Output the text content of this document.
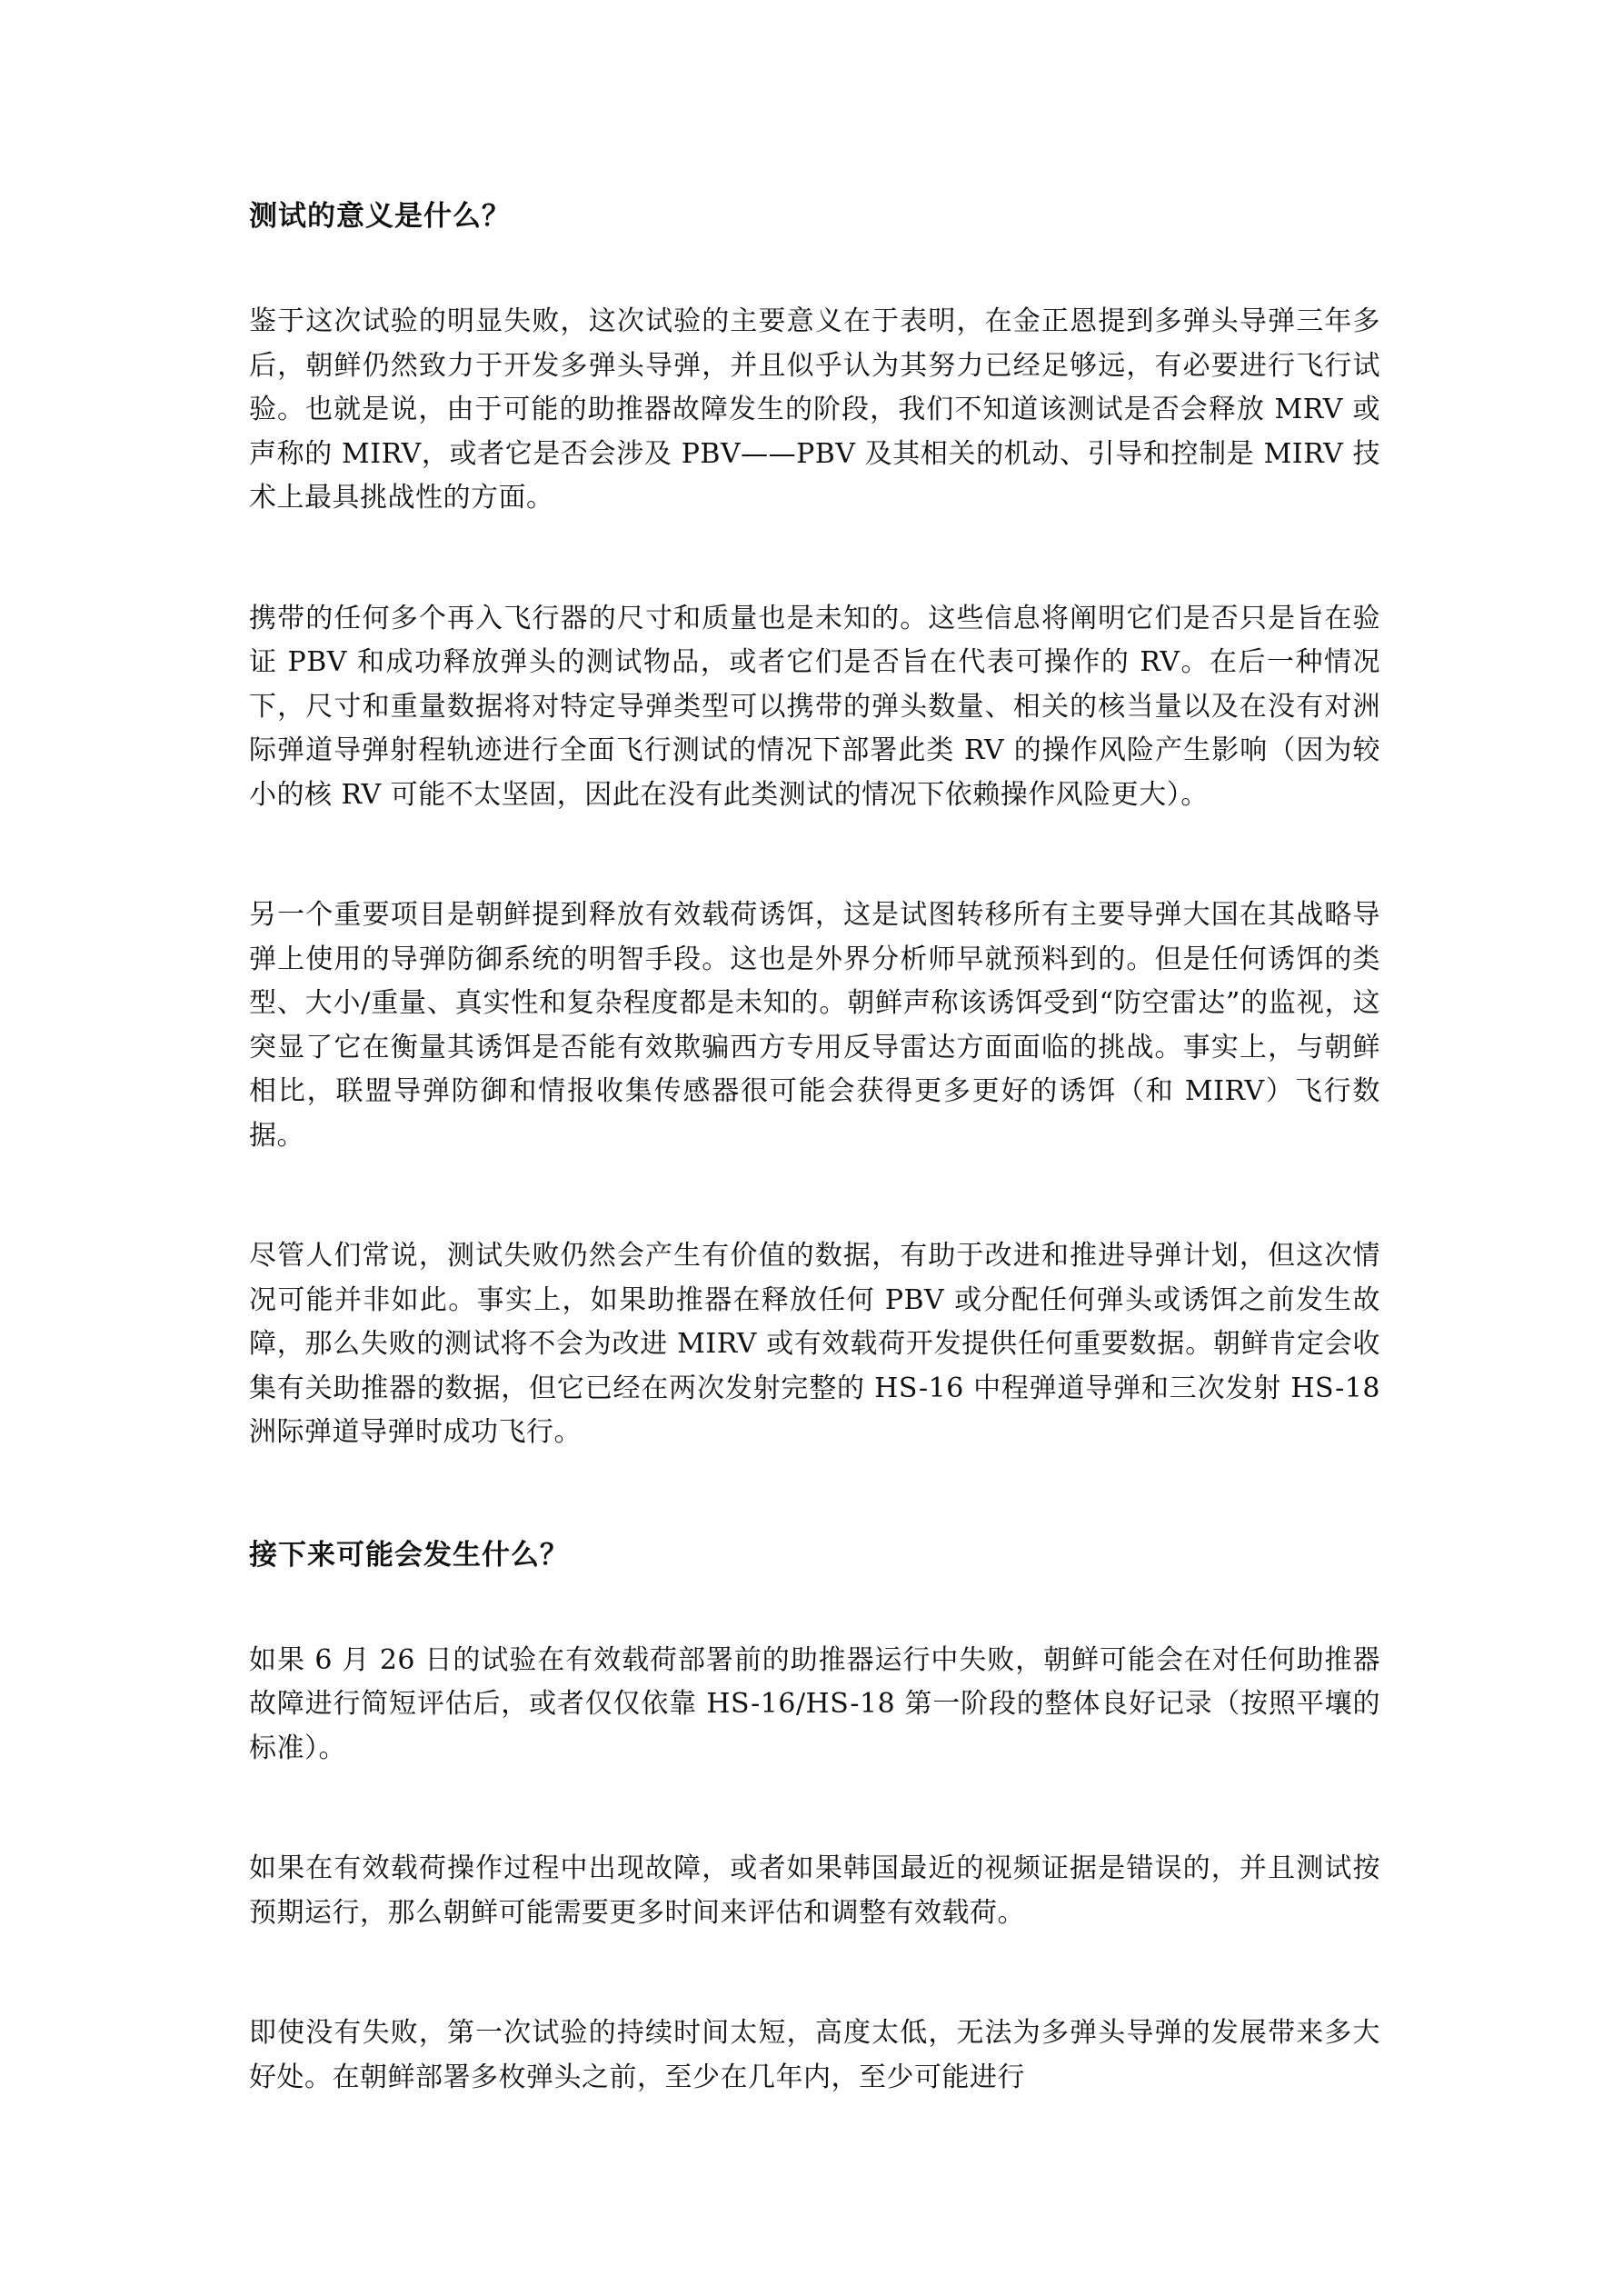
测试的意义是什么？

鉴于这次试验的明显失败，这次试验的主要意义在于表明，在金正恩提到多弹头导弹三年多后，朝鲜仍然致力于开发多弹头导弹，并且似乎认为其努力已经足够远，有必要进行飞行试验。也就是说，由于可能的助推器故障发生的阶段，我们不知道该测试是否会释放 MRV 或声称的 MIRV，或者它是否会涉及 PBV——PBV 及其相关的机动、引导和控制是 MIRV 技术上最具挑战性的方面。

携带的任何多个再入飞行器的尺寸和质量也是未知的。这些信息将阐明它们是否只是旨在验证 PBV 和成功释放弹头的测试物品，或者它们是否旨在代表可操作的 RV。在后一种情况下，尺寸和重量数据将对特定导弹类型可以携带的弹头数量、相关的核当量以及在没有对洲际弹道导弹射程轨迹进行全面飞行测试的情况下部署此类 RV 的操作风险产生影响（因为较小的核 RV 可能不太坚固，因此在没有此类测试的情况下依赖操作风险更大）。

另一个重要项目是朝鲜提到释放有效载荷诱饵，这是试图转移所有主要导弹大国在其战略导弹上使用的导弹防御系统的明智手段。这也是外界分析师早就预料到的。但是任何诱饵的类型、大小/重量、真实性和复杂程度都是未知的。朝鲜声称该诱饵受到“防空雷达”的监视，这突显了它在衡量其诱饵是否能有效欺骗西方专用反导雷达方面面临的挑战。事实上，与朝鲜相比，联盟导弹防御和情报收集传感器很可能会获得更多更好的诱饵（和 MIRV）飞行数据。

尽管人们常说，测试失败仍然会产生有价值的数据，有助于改进和推进导弹计划，但这次情况可能并非如此。事实上，如果助推器在释放任何 PBV 或分配任何弹头或诱饵之前发生故障，那么失败的测试将不会为改进 MIRV 或有效载荷开发提供任何重要数据。朝鲜肯定会收集有关助推器的数据，但它已经在两次发射完整的 HS-16 中程弹道导弹和三次发射 HS-18 洲际弹道导弹时成功飞行。

接下来可能会发生什么？

如果 6 月 26 日的试验在有效载荷部署前的助推器运行中失败，朝鲜可能会在对任何助推器故障进行简短评估后，或者仅仅依靠 HS-16/HS-18 第一阶段的整体良好记录（按照平壤的标准）。

如果在有效载荷操作过程中出现故障，或者如果韩国最近的视频证据是错误的，并且测试按预期运行，那么朝鲜可能需要更多时间来评估和调整有效载荷。

即使没有失败，第一次试验的持续时间太短，高度太低，无法为多弹头导弹的发展带来多大好处。在朝鲜部署多枚弹头之前，至少在几年内，至少可能进行
